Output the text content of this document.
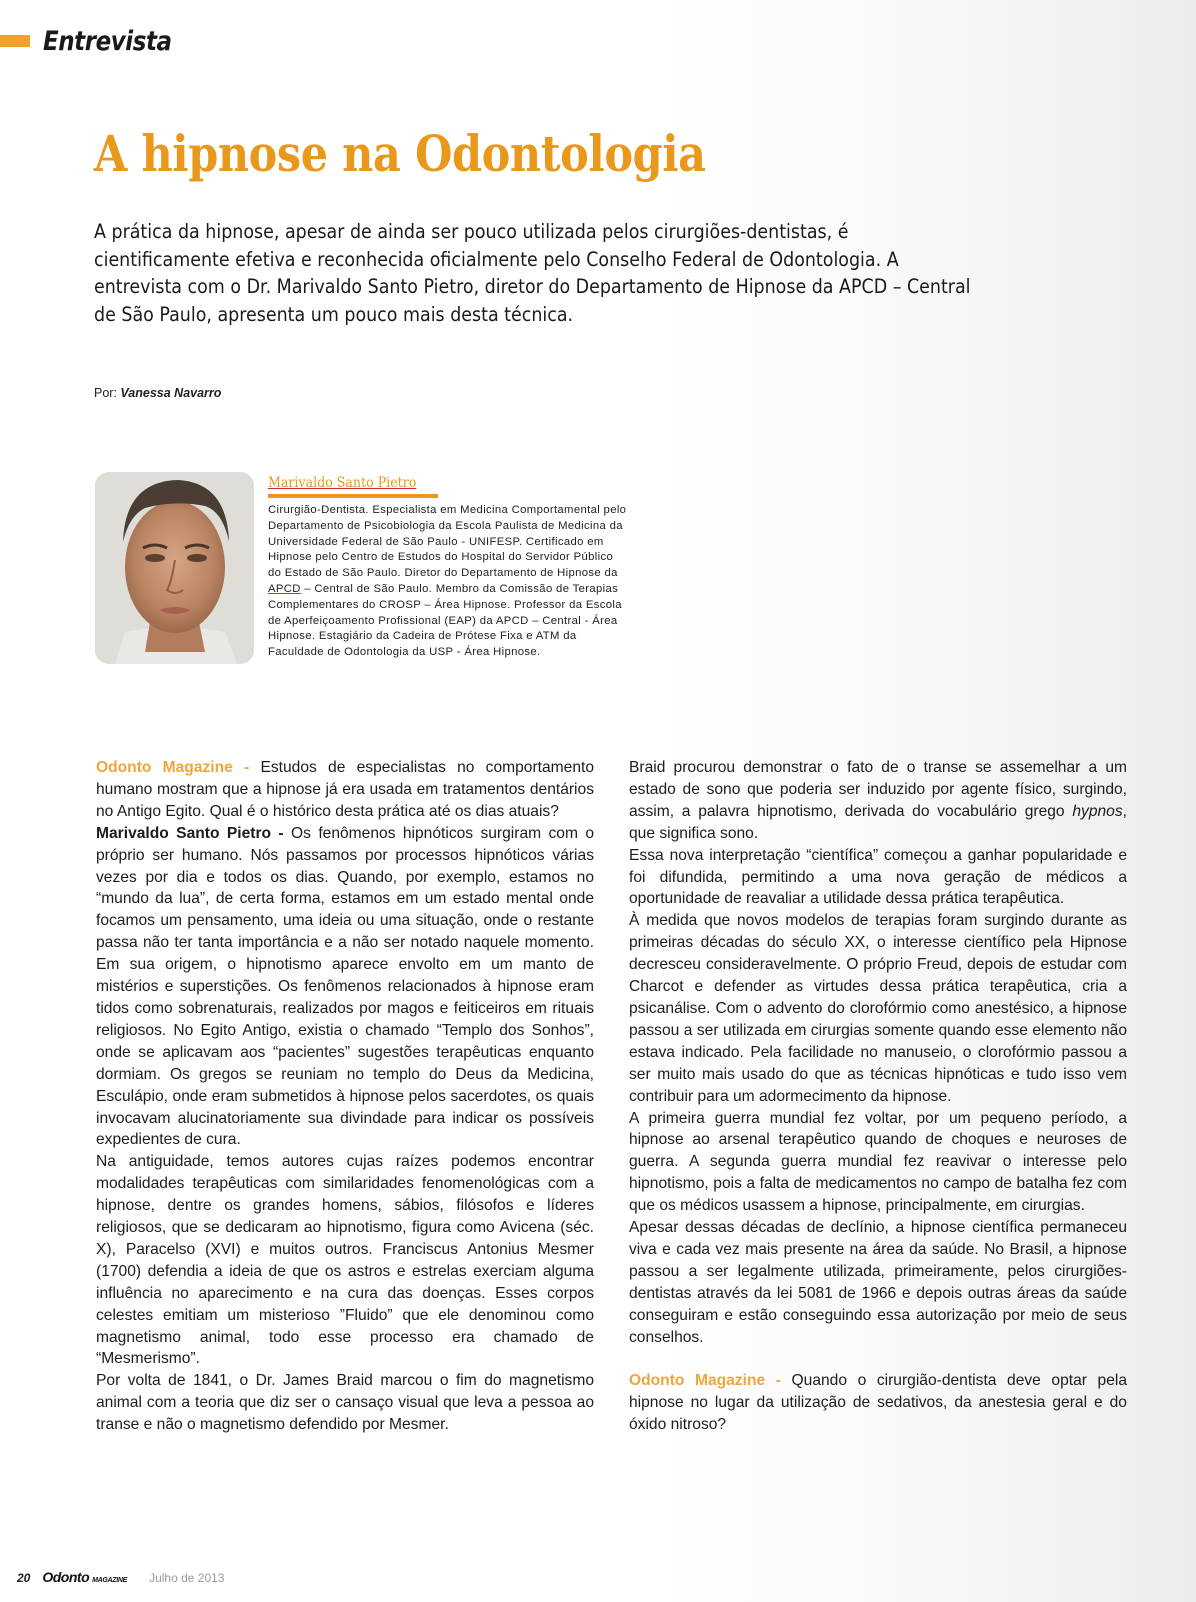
Entrevista
A hipnose na Odontologia

A prática da hipnose, apesar de ainda ser pouco utilizada pelos cirurgiões-dentistas, é cientificamente efetiva e reconhecida oficialmente pelo Conselho Federal de Odontologia. A entrevista com o Dr. Marivaldo Santo Pietro, diretor do Departamento de Hipnose da APCD – Central de São Paulo, apresenta um pouco mais desta técnica.

Por: Vanessa Navarro
Marivaldo Santo Pietro

Cirurgião-Dentista. Especialista em Medicina Comportamental pelo Departamento de Psicobiologia da Escola Paulista de Medicina da Universidade Federal de São Paulo - UNIFESP. Certificado em Hipnose pelo Centro de Estudos do Hospital do Servidor Público do Estado de São Paulo. Diretor do Departamento de Hipnose da APCD – Central de São Paulo. Membro da Comissão de Terapias Complementares do CROSP – Área Hipnose. Professor da Escola de Aperfeiçoamento Profissional (EAP) da APCD – Central - Área Hipnose. Estagiário da Cadeira de Prótese Fixa e ATM da Faculdade de Odontologia da USP - Área Hipnose.

Odonto Magazine - Estudos de especialistas no comportamento humano mostram que a hipnose já era usada em tratamentos dentários no Antigo Egito. Qual é o histórico desta prática até os dias atuais?

Marivaldo Santo Pietro - Os fenômenos hipnóticos surgiram com o próprio ser humano. Nós passamos por processos hipnóticos várias vezes por dia e todos os dias. Quando, por exemplo, estamos no “mundo da lua”, de certa forma, estamos em um estado mental onde focamos um pensamento, uma ideia ou uma situação, onde o restante passa não ter tanta importância e a não ser notado naquele momento. Em sua origem, o hipnotismo aparece envolto em um manto de mistérios e superstições. Os fenômenos relacionados à hipnose eram tidos como sobrenaturais, realizados por magos e feiticeiros em rituais religiosos. No Egito Antigo, existia o chamado “Templo dos Sonhos”, onde se aplicavam aos “pacientes” sugestões terapêuticas enquanto dormiam. Os gregos se reuniam no templo do Deus da Medicina, Esculápio, onde eram submetidos à hipnose pelos sacerdotes, os quais invocavam alucinatoriamente sua divindade para indicar os possíveis expedientes de cura.

Na antiguidade, temos autores cujas raízes podemos encontrar modalidades terapêuticas com similaridades fenomenológicas com a hipnose, dentre os grandes homens, sábios, filósofos e líderes religiosos, que se dedicaram ao hipnotismo, figura como Avicena (séc. X), Paracelso (XVI) e muitos outros. Franciscus Antonius Mesmer (1700) defendia a ideia de que os astros e estrelas exerciam alguma influência no aparecimento e na cura das doenças. Esses corpos celestes emitiam um misterioso ”Fluido” que ele denominou como magnetismo animal, todo esse processo era chamado de “Mesmerismo”.

Por volta de 1841, o Dr. James Braid marcou o fim do magnetismo animal com a teoria que diz ser o cansaço visual que leva a pessoa ao transe e não o magnetismo defendido por Mesmer.

Braid procurou demonstrar o fato de o transe se assemelhar a um estado de sono que poderia ser induzido por agente físico, surgindo, assim, a palavra hipnotismo, derivada do vocabulário grego hypnos, que significa sono.

Essa nova interpretação “científica” começou a ganhar popularidade e foi difundida, permitindo a uma nova geração de médicos a oportunidade de reavaliar a utilidade dessa prática terapêutica.

À medida que novos modelos de terapias foram surgindo durante as primeiras décadas do século XX, o interesse científico pela Hipnose decresceu consideravelmente. O próprio Freud, depois de estudar com Charcot e defender as virtudes dessa prática terapêutica, cria a psicanálise. Com o advento do clorofórmio como anestésico, a hipnose passou a ser utilizada em cirurgias somente quando esse elemento não estava indicado. Pela facilidade no manuseio, o clorofórmio passou a ser muito mais usado do que as técnicas hipnóticas e tudo isso vem contribuir para um adormecimento da hipnose.

A primeira guerra mundial fez voltar, por um pequeno período, a hipnose ao arsenal terapêutico quando de choques e neuroses de guerra. A segunda guerra mundial fez reavivar o interesse pelo hipnotismo, pois a falta de medicamentos no campo de batalha fez com que os médicos usassem a hipnose, principalmente, em cirurgias.

Apesar dessas décadas de declínio, a hipnose científica permaneceu viva e cada vez mais presente na área da saúde. No Brasil, a hipnose passou a ser legalmente utilizada, primeiramente, pelos cirurgiões-dentistas através da lei 5081 de 1966 e depois outras áreas da saúde conseguiram e estão conseguindo essa autorização por meio de seus conselhos.

Odonto Magazine - Quando o cirurgião-dentista deve optar pela hipnose no lugar da utilização de sedativos, da anestesia geral e do óxido nitroso?

20 Odonto MAGAZINE Julho de 2013
